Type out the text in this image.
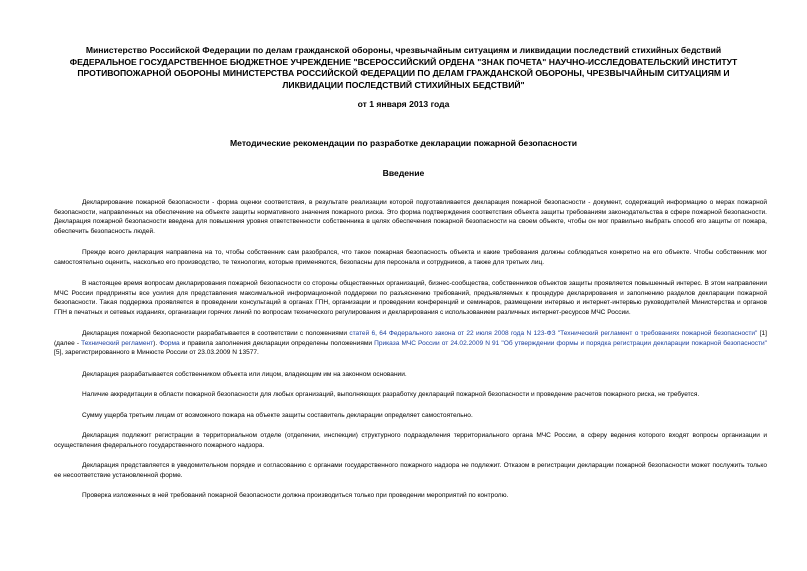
Министерство Российской Федерации по делам гражданской обороны, чрезвычайным ситуациям и ликвидации последствий стихийных бедствий
ФЕДЕРАЛЬНОЕ ГОСУДАРСТВЕННОЕ БЮДЖЕТНОЕ УЧРЕЖДЕНИЕ "ВСЕРОССИЙСКИЙ ОРДЕНА "ЗНАК ПОЧЕТА" НАУЧНО-ИССЛЕДОВАТЕЛЬСКИЙ ИНСТИТУТ
ПРОТИВОПОЖАРНОЙ ОБОРОНЫ МИНИСТЕРСТВА РОССИЙСКОЙ ФЕДЕРАЦИИ ПО ДЕЛАМ ГРАЖДАНСКОЙ ОБОРОНЫ, ЧРЕЗВЫЧАЙНЫМ СИТУАЦИЯМ И
ЛИКВИДАЦИИ ПОСЛЕДСТВИЙ СТИХИЙНЫХ БЕДСТВИЙ"
от 1 января 2013 года
Методические рекомендации по разработке декларации пожарной безопасности
Введение

Декларирование пожарной безопасности - форма оценки соответствия, в результате реализации которой подготавливается декларация пожарной безопасности - документ, содержащий информацию о мерах пожарной безопасности, направленных на обеспечение на объекте защиты нормативного значения пожарного риска. Это форма подтверждения соответствия объекта защиты требованиям законодательства в сфере пожарной безопасности. Декларация пожарной безопасности введена для повышения уровня ответственности собственника в целях обеспечения пожарной безопасности на своем объекте, чтобы он мог правильно выбрать способ его защиты от пожара, обеспечить безопасность людей.

Прежде всего декларация направлена на то, чтобы собственник сам разобрался, что такое пожарная безопасность объекта и какие требования должны соблюдаться конкретно на его объекте. Чтобы собственник мог самостоятельно оценить, насколько его производство, те технологии, которые применяются, безопасны для персонала и сотрудников, а также для третьих лиц.

В настоящее время вопросам декларирования пожарной безопасности со стороны общественных организаций, бизнес-сообщества, собственников объектов защиты проявляется повышенный интерес. В этом направлении МЧС России предприняты все усилия для представления максимальной информационной поддержки по разъяснению требований, предъявляемых к процедуре декларирования и заполнению разделов декларации пожарной безопасности. Такая поддержка проявляется в проведении консультаций в органах ГПН, организации и проведении конференций и семинаров, размещении интервью и интернет-интервью руководителей Министерства и органов ГПН в печатных и сетевых изданиях, организации горячих линий по вопросам технического регулирования и декларирования с использованием различных интернет-ресурсов МЧС России.

Декларация пожарной безопасности разрабатывается в соответствии с положениями статей 6, 64 Федерального закона от 22 июля 2008 года N 123-ФЗ "Технический регламент о требованиях пожарной безопасности" [1] (далее - Технический регламент). Форма и правила заполнения декларации определены положениями Приказа МЧС России от 24.02.2009 N 91 "Об утверждении формы и порядка регистрации декларации пожарной безопасности" [5], зарегистрированного в Минюсте России от 23.03.2009 N 13577.

Декларация разрабатывается собственником объекта или лицом, владеющим им на законном основании.

Наличие аккредитации в области пожарной безопасности для любых организаций, выполняющих разработку деклараций пожарной безопасности и проведение расчетов пожарного риска, не требуется.

Сумму ущерба третьим лицам от возможного пожара на объекте защиты составитель декларации определяет самостоятельно.

Декларация подлежит регистрации в территориальном отделе (отделении, инспекции) структурного подразделения территориального органа МЧС России, в сферу ведения которого входят вопросы организации и осуществления федерального государственного пожарного надзора.

Декларация представляется в уведомительном порядке и согласованию с органами государственного пожарного надзора не подлежит. Отказом в регистрации декларации пожарной безопасности может послужить только ее несоответствие установленной форме.

Проверка изложенных в ней требований пожарной безопасности должна производиться только при проведении мероприятий по контролю.
